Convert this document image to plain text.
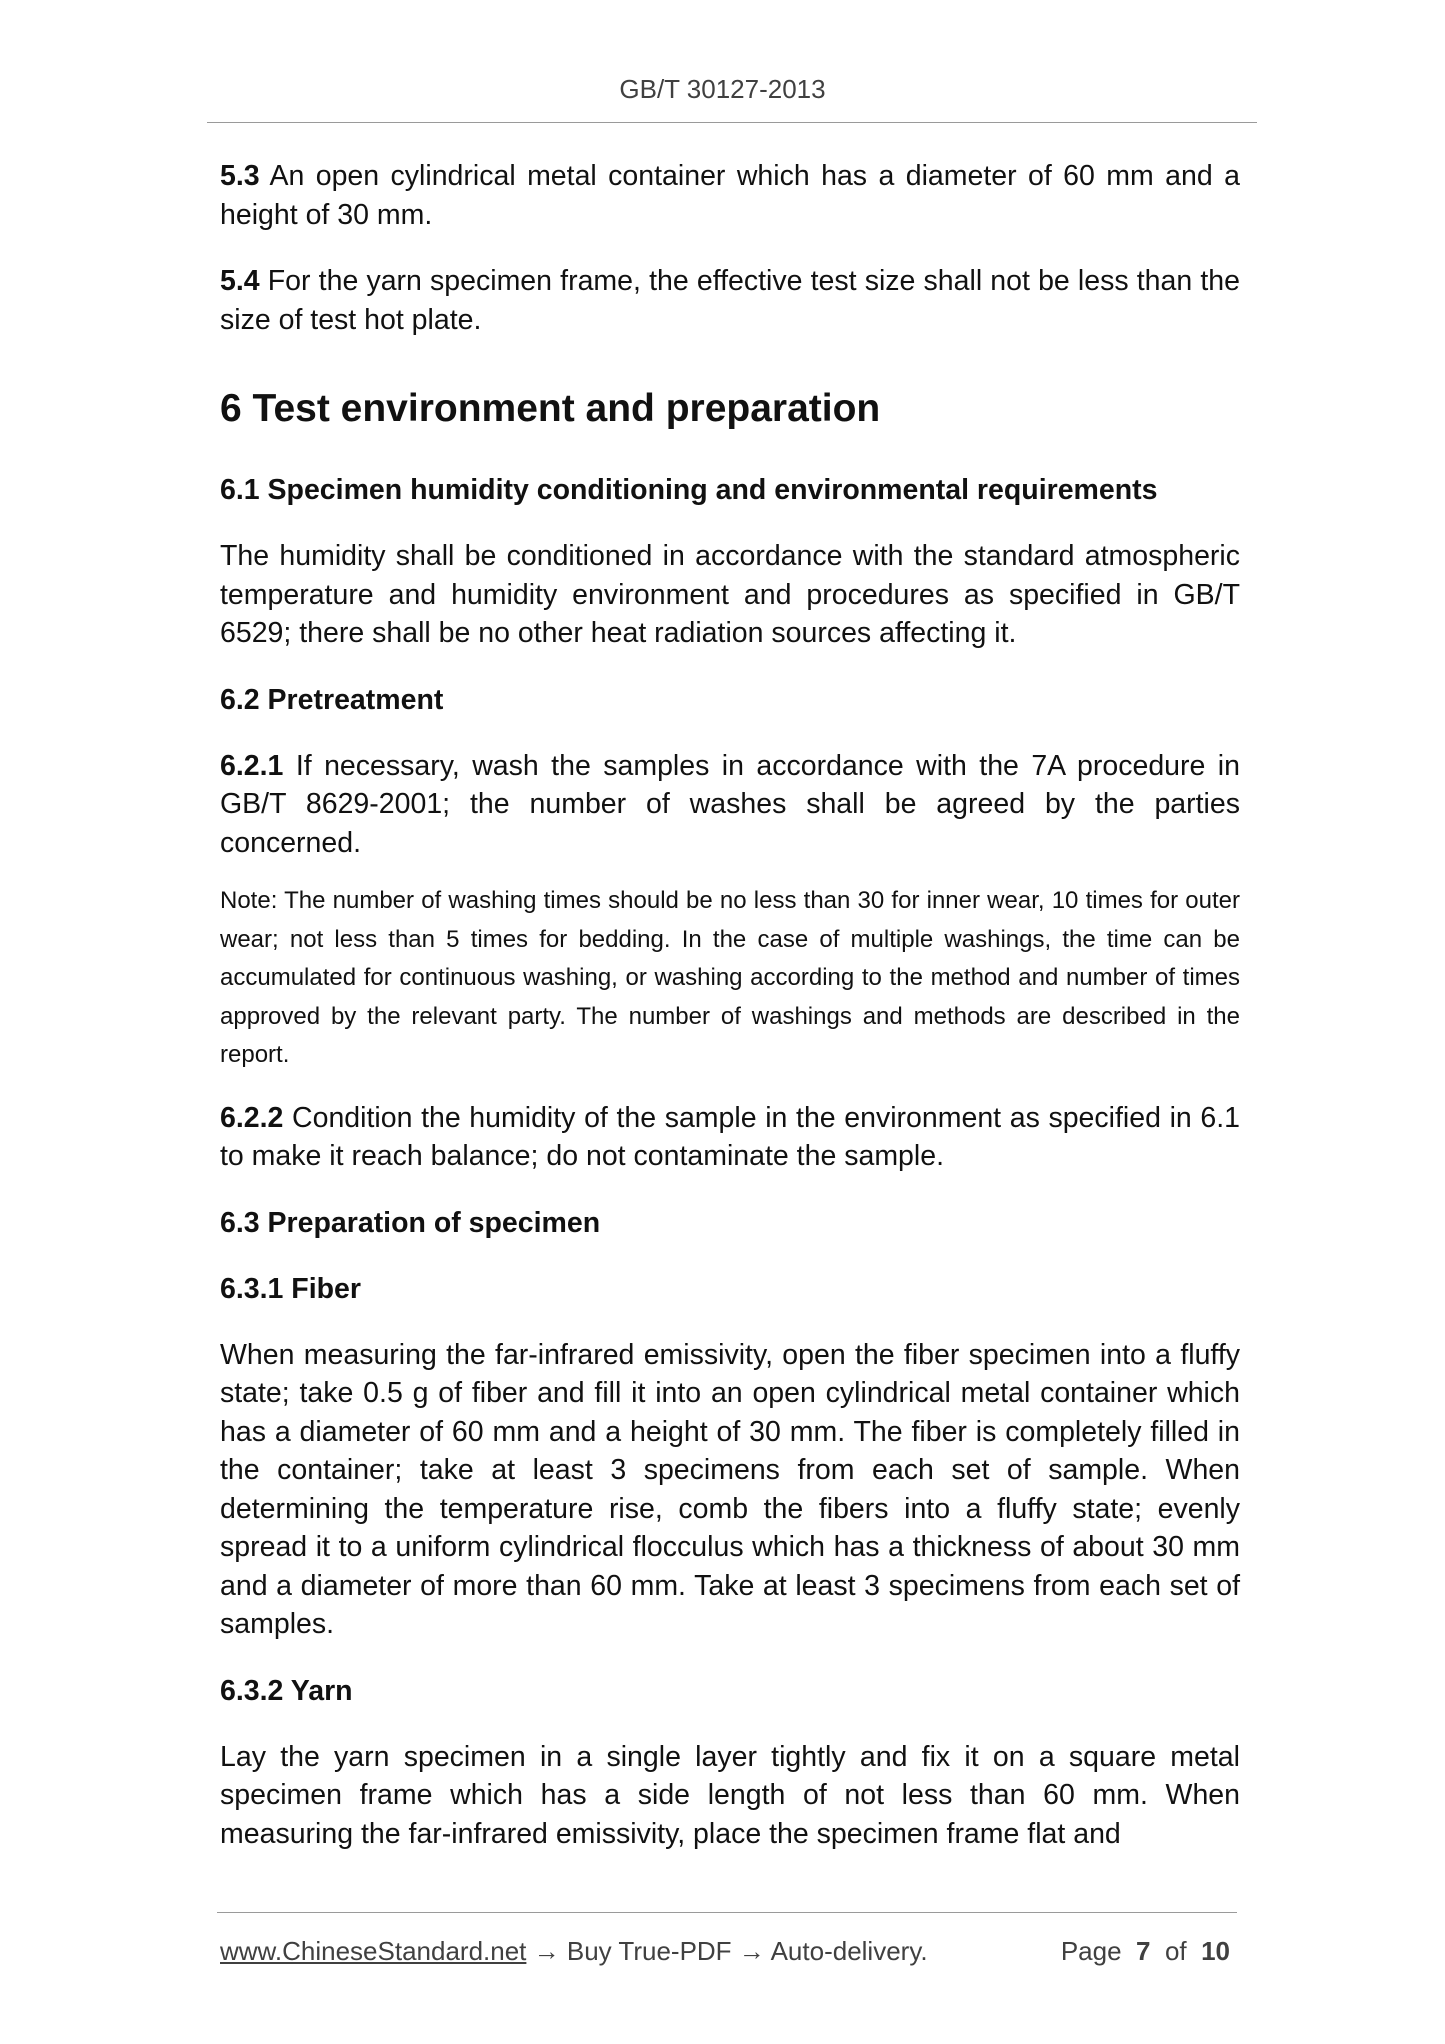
GB/T 30127-2013

5.3 An open cylindrical metal container which has a diameter of 60 mm and a height of 30 mm.

5.4 For the yarn specimen frame, the effective test size shall not be less than the size of test hot plate.

6 Test environment and preparation
6.1 Specimen humidity conditioning and environmental requirements

The humidity shall be conditioned in accordance with the standard atmospheric temperature and humidity environment and procedures as specified in GB/T 6529; there shall be no other heat radiation sources affecting it.

6.2 Pretreatment

6.2.1 If necessary, wash the samples in accordance with the 7A procedure in GB/T 8629-2001; the number of washes shall be agreed by the parties concerned.

Note: The number of washing times should be no less than 30 for inner wear, 10 times for outer wear; not less than 5 times for bedding. In the case of multiple washings, the time can be accumulated for continuous washing, or washing according to the method and number of times approved by the relevant party. The number of washings and methods are described in the report.

6.2.2 Condition the humidity of the sample in the environment as specified in 6.1 to make it reach balance; do not contaminate the sample.

6.3 Preparation of specimen
6.3.1 Fiber

When measuring the far-infrared emissivity, open the fiber specimen into a fluffy state; take 0.5 g of fiber and fill it into an open cylindrical metal container which has a diameter of 60 mm and a height of 30 mm. The fiber is completely filled in the container; take at least 3 specimens from each set of sample. When determining the temperature rise, comb the fibers into a fluffy state; evenly spread it to a uniform cylindrical flocculus which has a thickness of about 30 mm and a diameter of more than 60 mm. Take at least 3 specimens from each set of samples.

6.3.2 Yarn

Lay the yarn specimen in a single layer tightly and fix it on a square metal specimen frame which has a side length of not less than 60 mm. When measuring the far-infrared emissivity, place the specimen frame flat and

www.ChineseStandard.net → Buy True-PDF → Auto-delivery.	Page 7 of 10
